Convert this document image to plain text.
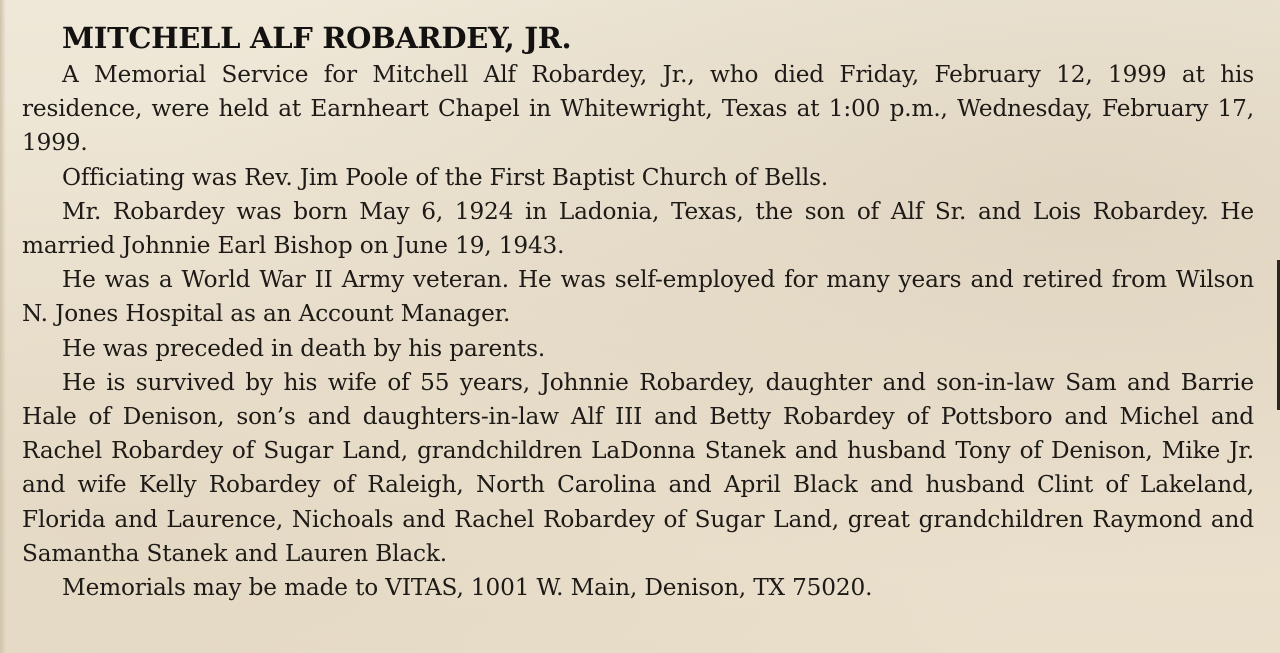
MITCHELL ALF ROBARDEY, JR.

A Memorial Service for Mitchell Alf Robardey, Jr., who died Friday, February 12, 1999 at his residence, were held at Earnheart Chapel in Whitewright, Texas at 1:00 p.m., Wednesday, February 17, 1999.

Officiating was Rev. Jim Poole of the First Baptist Church of Bells.

Mr. Robardey was born May 6, 1924 in Ladonia, Texas, the son of Alf Sr. and Lois Robardey. He married Johnnie Earl Bishop on June 19, 1943.

He was a World War II Army veteran. He was self-employed for many years and retired from Wilson N. Jones Hospital as an Account Manager.

He was preceded in death by his parents.

He is survived by his wife of 55 years, Johnnie Robardey, daughter and son-in-law Sam and Barrie Hale of Denison, son’s and daughters-in-law Alf III and Betty Robardey of Pottsboro and Michel and Rachel Robardey of Sugar Land, grandchildren LaDonna Stanek and husband Tony of Denison, Mike Jr. and wife Kelly Robardey of Raleigh, North Carolina and April Black and husband Clint of Lakeland, Florida and Laurence, Nichoals and Rachel Robardey of Sugar Land, great grandchildren Raymond and Samantha Stanek and Lauren Black.

Memorials may be made to VITAS, 1001 W. Main, Denison, TX 75020.
